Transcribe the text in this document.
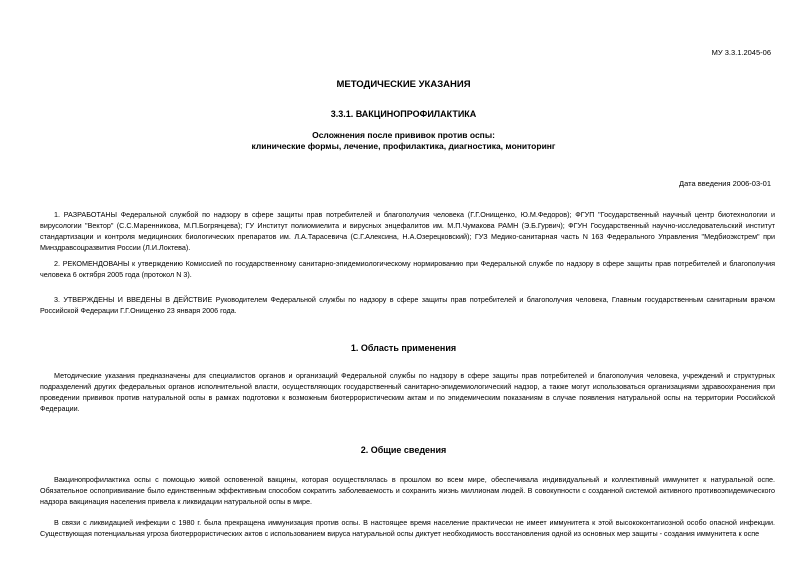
МУ 3.3.1.2045-06
МЕТОДИЧЕСКИЕ УКАЗАНИЯ
3.3.1. ВАКЦИНОПРОФИЛАКТИКА
Осложнения после прививок против оспы:
клинические формы, лечение, профилактика, диагностика, мониторинг
Дата введения 2006-03-01
1. РАЗРАБОТАНЫ Федеральной службой по надзору в сфере защиты прав потребителей и благополучия человека (Г.Г.Онищенко, Ю.М.Федоров); ФГУП "Государственный научный центр биотехнологии и вирусологии "Вектор" (С.С.Маренникова, М.П.Богрянцева); ГУ Институт полиомиелита и вирусных энцефалитов им. М.П.Чумакова РАМН (Э.Б.Гурвич); ФГУН Государственный научно-исследовательский институт стандартизации и контроля медицинских биологических препаратов им. Л.А.Тарасевича (С.Г.Алексина, Н.А.Озерецковский); ГУЗ Медико-санитарная часть N 163 Федерального Управления "Медбиоэкстрем" при Минздравсоцразвития России (Л.И.Локтева).
2. РЕКОМЕНДОВАНЫ к утверждению Комиссией по государственному санитарно-эпидемиологическому нормированию при Федеральной службе по надзору в сфере защиты прав потребителей и благополучия человека 6 октября 2005 года (протокол N 3).
3. УТВЕРЖДЕНЫ И ВВЕДЕНЫ В ДЕЙСТВИЕ Руководителем Федеральной службы по надзору в сфере защиты прав потребителей и благополучия человека, Главным государственным санитарным врачом Российской Федерации Г.Г.Онищенко 23 января 2006 года.
1. Область применения
Методические указания предназначены для специалистов органов и организаций Федеральной службы по надзору в сфере защиты прав потребителей и благополучия человека, учреждений и структурных подразделений других федеральных органов исполнительной власти, осуществляющих государственный санитарно-эпидемиологический надзор, а также могут использоваться организациями здравоохранения при проведении прививок против натуральной оспы в рамках подготовки к возможным биотеррористическим актам и по эпидемическим показаниям в случае появления натуральной оспы на территории Российской Федерации.
2. Общие сведения
Вакцинопрофилактика оспы с помощью живой осповенной вакцины, которая осуществлялась в прошлом во всем мире, обеспечивала индивидуальный и коллективный иммунитет к натуральной оспе. Обязательное оспопрививание было единственным эффективным способом сократить заболеваемость и сохранить жизнь миллионам людей. В совокупности с созданной системой активного противоэпидемического надзора вакцинация населения привела к ликвидации натуральной оспы в мире.
В связи с ликвидацией инфекции с 1980 г. была прекращена иммунизация против оспы. В настоящее время население практически не имеет иммунитета к этой высококонтагиозной особо опасной инфекции. Существующая потенциальная угроза биотеррористических актов с использованием вируса натуральной оспы диктует необходимость восстановления одной из основных мер защиты - создания иммунитета к оспе
